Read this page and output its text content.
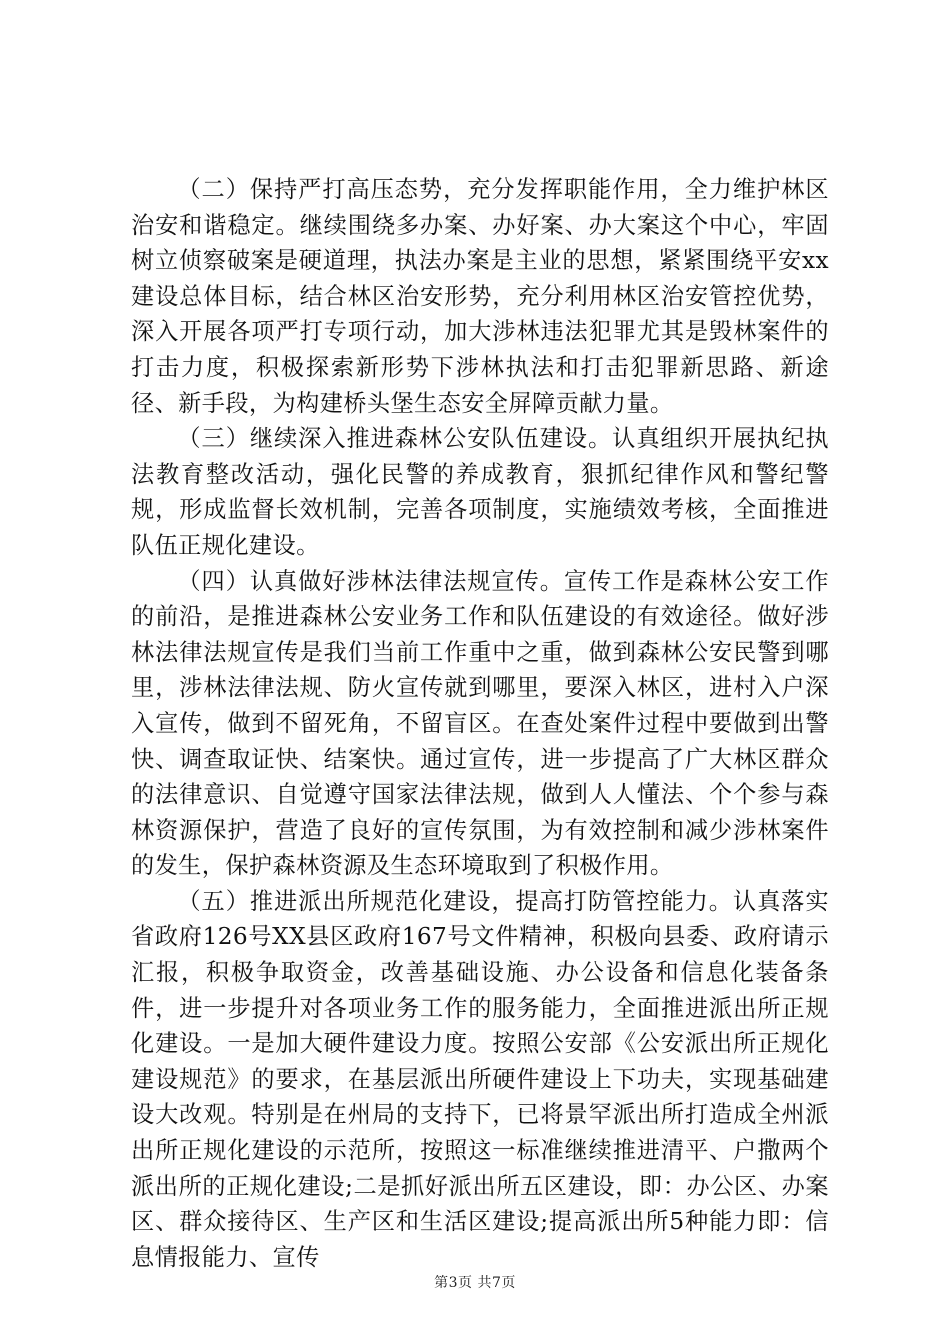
（二）保持严打高压态势，充分发挥职能作用，全力维护林区治安和谐稳定。继续围绕多办案、办好案、办大案这个中心，牢固树立侦察破案是硬道理，执法办案是主业的思想，紧紧围绕平安xx建设总体目标，结合林区治安形势，充分利用林区治安管控优势，深入开展各项严打专项行动，加大涉林违法犯罪尤其是毁林案件的打击力度，积极探索新形势下涉林执法和打击犯罪新思路、新途径、新手段，为构建桥头堡生态安全屏障贡献力量。

（三）继续深入推进森林公安队伍建设。认真组织开展执纪执法教育整改活动，强化民警的养成教育，狠抓纪律作风和警纪警规，形成监督长效机制，完善各项制度，实施绩效考核，全面推进队伍正规化建设。

（四）认真做好涉林法律法规宣传。宣传工作是森林公安工作的前沿，是推进森林公安业务工作和队伍建设的有效途径。做好涉林法律法规宣传是我们当前工作重中之重，做到森林公安民警到哪里，涉林法律法规、防火宣传就到哪里，要深入林区，进村入户深入宣传，做到不留死角，不留盲区。在查处案件过程中要做到出警快、调查取证快、结案快。通过宣传，进一步提高了广大林区群众的法律意识、自觉遵守国家法律法规，做到人人懂法、个个参与森林资源保护，营造了良好的宣传氛围，为有效控制和减少涉林案件的发生，保护森林资源及生态环境取到了积极作用。

（五）推进派出所规范化建设，提高打防管控能力。认真落实省政府126号XX县区政府167号文件精神，积极向县委、政府请示汇报，积极争取资金，改善基础设施、办公设备和信息化装备条件，进一步提升对各项业务工作的服务能力，全面推进派出所正规化建设。一是加大硬件建设力度。按照公安部《公安派出所正规化建设规范》的要求，在基层派出所硬件建设上下功夫，实现基础建设大改观。特别是在州局的支持下，已将景罕派出所打造成全州派出所正规化建设的示范所，按照这一标准继续推进清平、户撒两个派出所的正规化建设;二是抓好派出所五区建设，即：办公区、办案区、群众接待区、生产区和生活区建设;提高派出所5种能力即：信息情报能力、宣传

第3页 共7页
